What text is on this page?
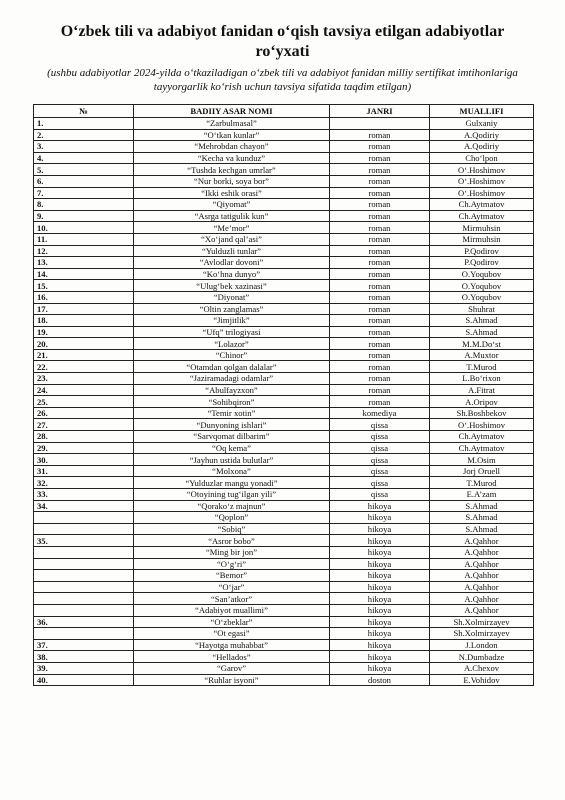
O‘zbek tili va adabiyot fanidan o‘qish tavsiya etilgan adabiyotlar ro‘yxati
(ushbu adabiyotlar 2024-yilda o‘tkaziladigan o‘zbek tili va adabiyot fanidan milliy sertifikat imtihonlariga tayyorgarlik ko‘rish uchun tavsiya sifatida taqdim etilgan)
№	BADIIY ASAR NOMI	JANRI	MUALLIFI
1.	“Zarbulmasal”		Gulxaniy
2.	“O‘tkan kunlar”	roman	A.Qodiriy
3.	“Mehrobdan chayon”	roman	A.Qodiriy
4.	“Kecha va kunduz”	roman	Cho‘lpon
5.	“Tushda kechgan umrlar”	roman	O‘.Hoshimov
6.	“Nur borki, soya bor”	roman	O‘.Hoshimov
7.	“Ikki eshik orasi”	roman	O‘.Hoshimov
8.	“Qiyomat”	roman	Ch.Aytmatov
9.	“Asrga tatigulik kun”	roman	Ch.Aytmatov
10.	“Me’mor”	roman	Mirmuhsin
11.	“Xo‘jand qal’asi”	roman	Mirmuhsin
12.	“Yulduzli tunlar”	roman	P.Qodirov
13.	“Avlodlar dovoni”	roman	P.Qodirov
14.	“Ko‘hna dunyo”	roman	O.Yoqubov
15.	“Ulug‘bek xazinasi”	roman	O.Yoqubov
16.	“Diyonat”	roman	O.Yoqubov
17.	“Oltin zanglamas”	roman	Shuhrat
18.	“Jimjitlik”	roman	S.Ahmad
19.	“Ufq” trilogiyasi	roman	S.Ahmad
20.	“Lolazor”	roman	M.M.Do‘st
21.	“Chinor”	roman	A.Muxtor
22.	“Otamdan qolgan dalalar”	roman	T.Murod
23.	“Jaziramadagi odamlar”	roman	L.Bo‘rixon
24.	“Abulfayzxon”	roman	A.Fitrat
25.	“Sohibqiron”	roman	A.Oripov
26.	“Temir xotin”	komediya	Sh.Boshbekov
27.	“Dunyoning ishlari”	qissa	O‘.Hoshimov
28.	“Sarvqomat dilbarim”	qissa	Ch.Aytmatov
29.	“Oq kema”	qissa	Ch.Aytmatov
30.	“Jayhun ustida bulutlar”	qissa	M.Osim
31.	“Molxona”	qissa	Jorj Oruell
32.	“Yulduzlar mangu yonadi”	qissa	T.Murod
33.	“Otoyining tug‘ilgan yili”	qissa	E.A’zam
34.	“Qorako‘z majnun”	hikoya	S.Ahmad
	“Qoplon”	hikoya	S.Ahmad
	“Sobiq”	hikoya	S.Ahmad
35.	“Asror bobo”	hikoya	A.Qahhor
	“Ming bir jon”	hikoya	A.Qahhor
	“O‘g‘ri”	hikoya	A.Qahhor
	“Bemor”	hikoya	A.Qahhor
	“O‘jar”	hikoya	A.Qahhor
	“San’atkor”	hikoya	A.Qahhor
	“Adabiyot muallimi”	hikoya	A.Qahhor
36.	“O‘zbeklar”	hikoya	Sh.Xolmirzayev
	“Ot egasi”	hikoya	Sh.Xolmirzayev
37.	“Hayotga muhabbat”	hikoya	J.London
38.	“Hellados”	hikoya	N.Dumbadze
39.	“Garov”	hikoya	A.Chexov
40.	“Ruhlar isyoni”	doston	E.Vohidov
